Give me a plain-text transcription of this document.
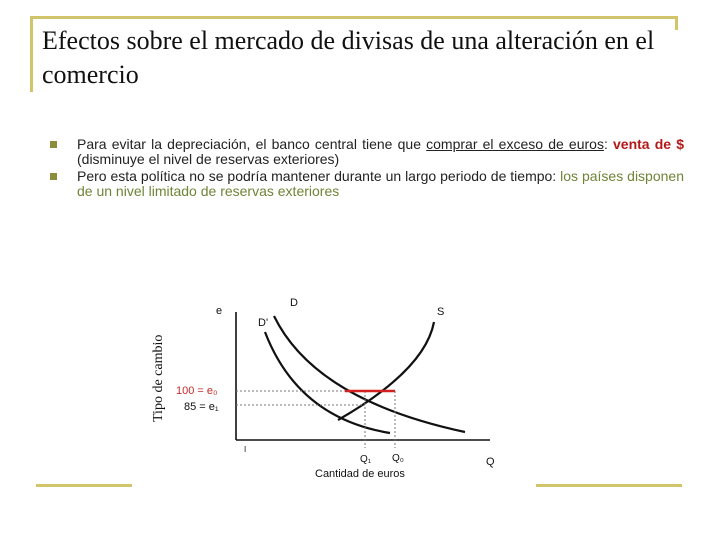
Efectos sobre el mercado de divisas de una alteración en el comercio
Para evitar la depreciación, el banco central tiene que comprar el exceso de euros: venta de $ (disminuye el nivel de reservas exteriores)
Pero esta política no se podría mantener durante un largo periodo de tiempo: los países disponen de un nivel limitado de reservas exteriores
Tipo de cambio
e
D
D'
S
100 = e₀
85 = e₁
I
Q₁ Q₀	Q
Cantidad de euros
